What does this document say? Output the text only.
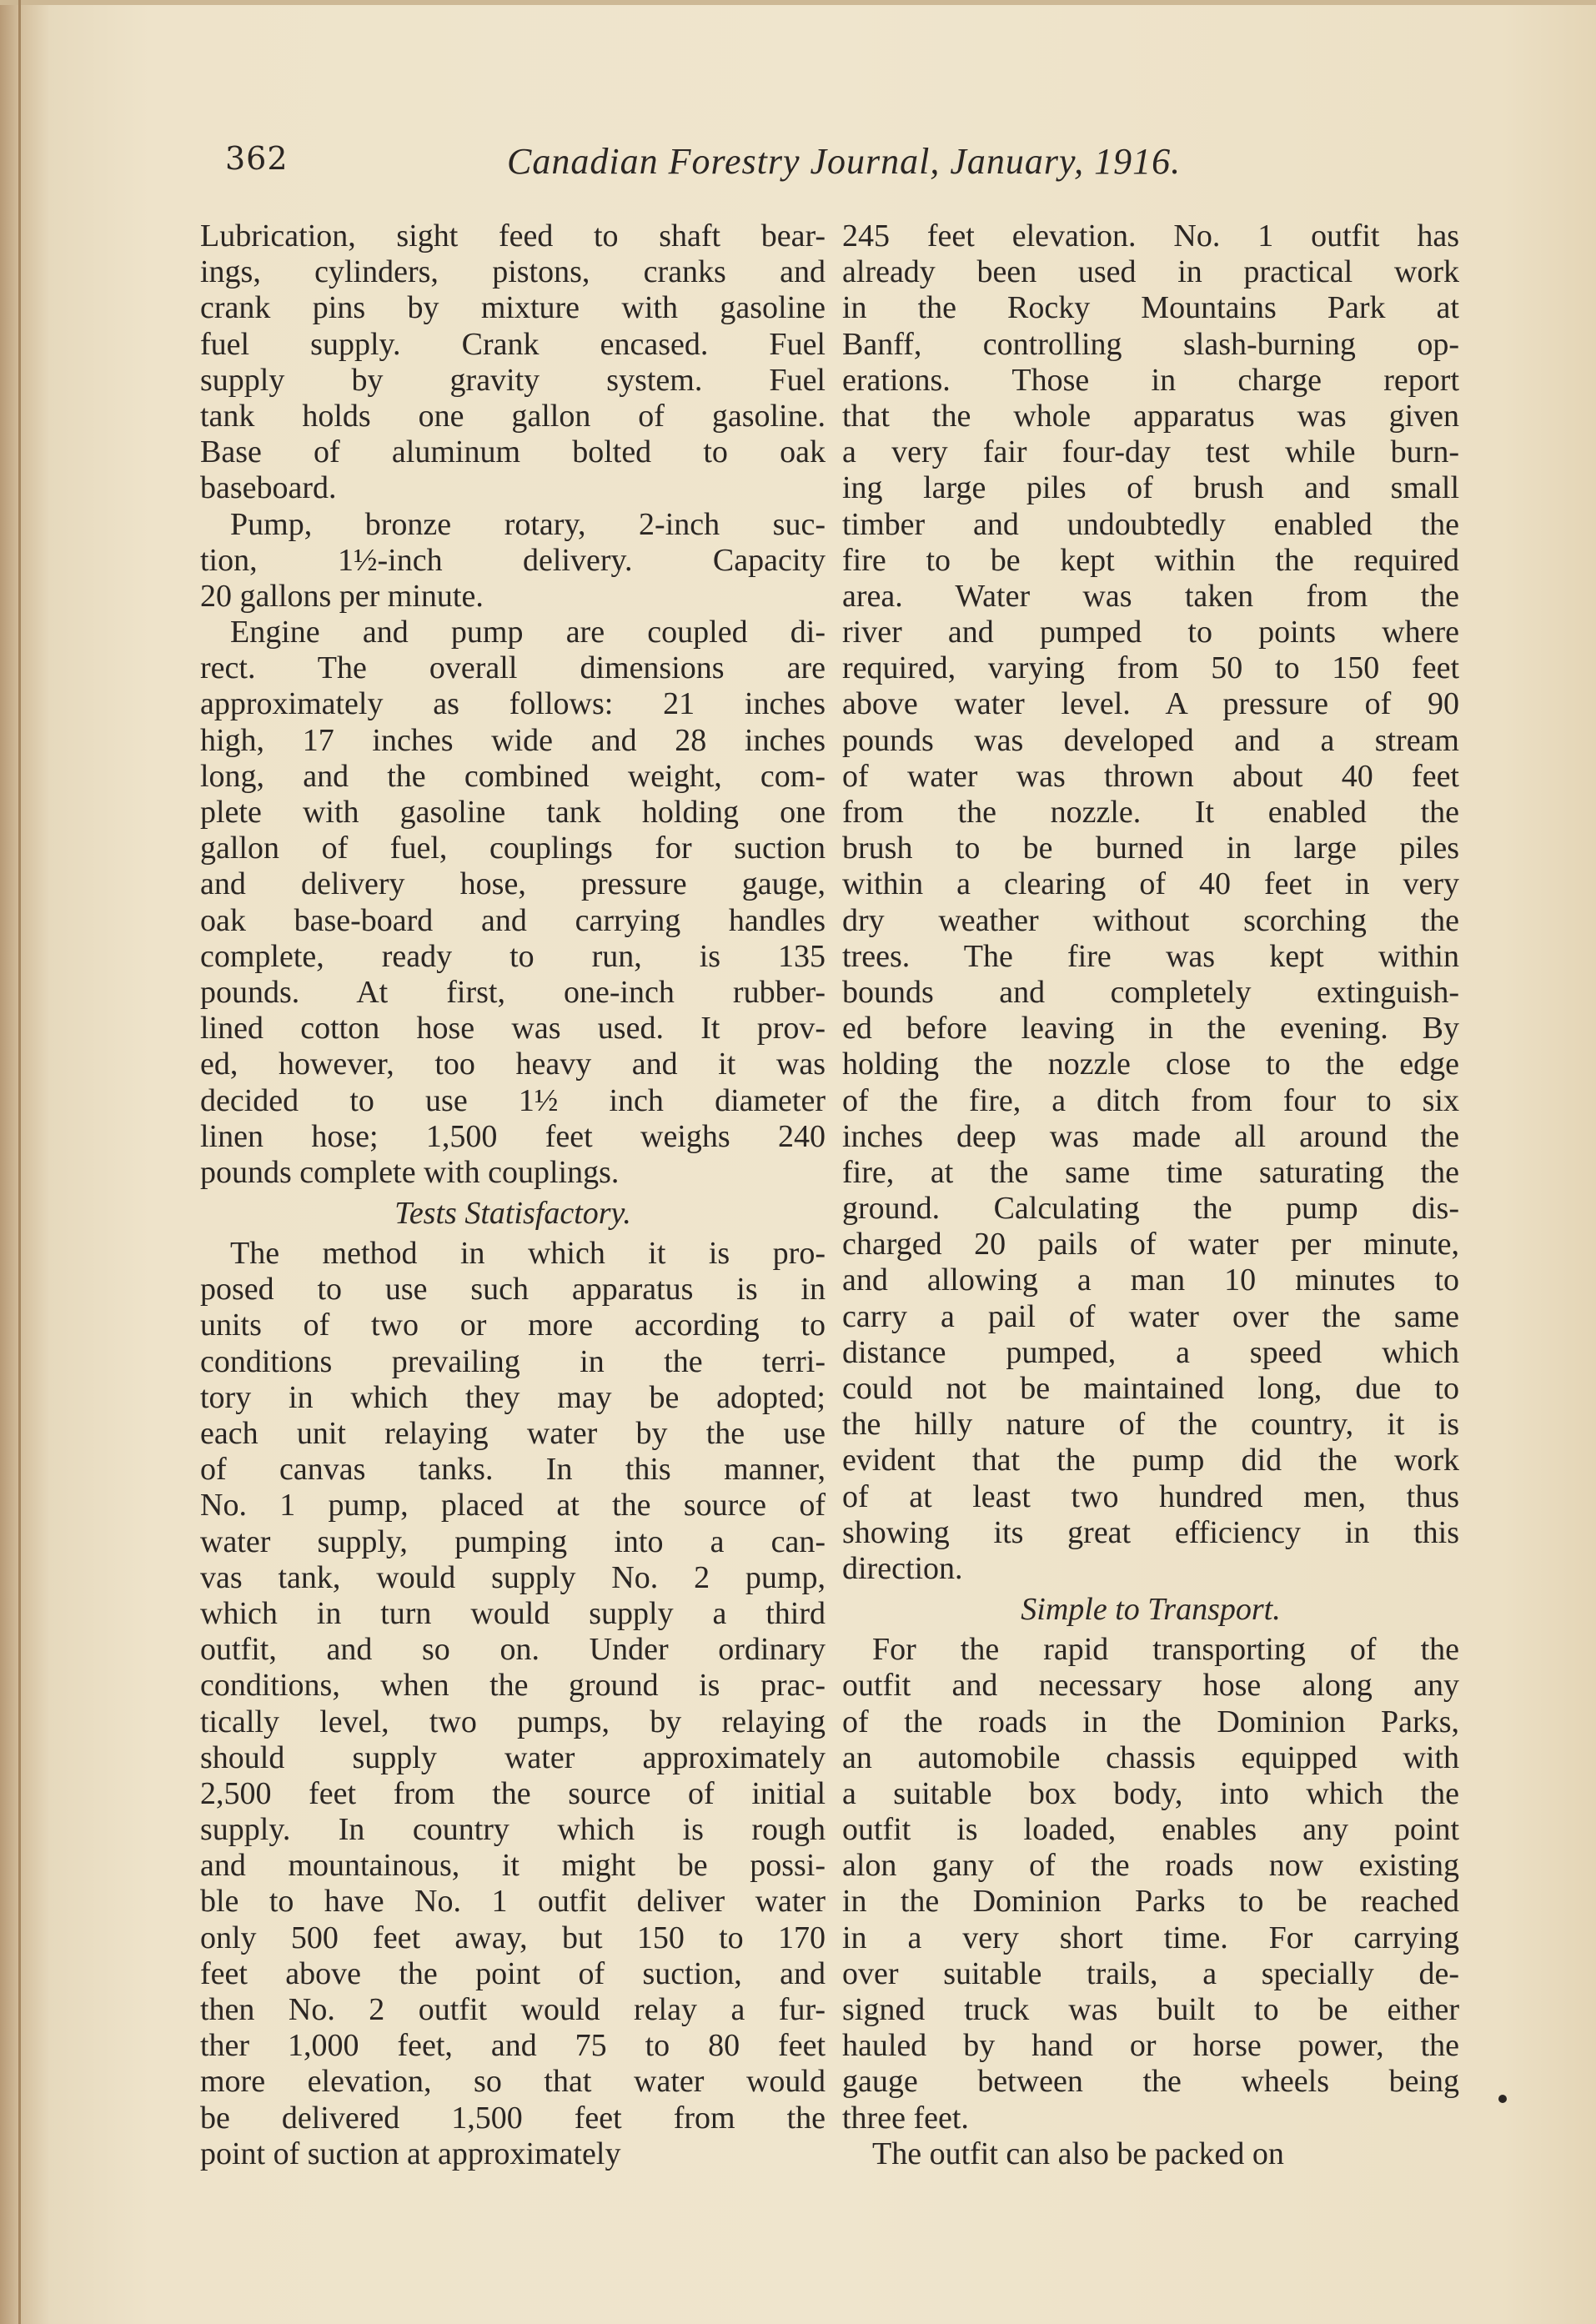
362	Canadian Forestry Journal, January, 1916.
Lubrication, sight feed to shaft bear-
ings, cylinders, pistons, cranks and
crank pins by mixture with gasoline
fuel supply. Crank encased. Fuel
supply by gravity system. Fuel
tank holds one gallon of gasoline.
Base of aluminum bolted to oak
baseboard.
Pump, bronze rotary, 2-inch suc-
tion, 1½-inch delivery. Capacity
20 gallons per minute.
Engine and pump are coupled di-
rect. The overall dimensions are
approximately as follows: 21 inches
high, 17 inches wide and 28 inches
long, and the combined weight, com-
plete with gasoline tank holding one
gallon of fuel, couplings for suction
and delivery hose, pressure gauge,
oak base-board and carrying handles
complete, ready to run, is 135
pounds. At first, one-inch rubber-
lined cotton hose was used. It prov-
ed, however, too heavy and it was
decided to use 1½ inch diameter
linen hose; 1,500 feet weighs 240
pounds complete with couplings.
Tests Statisfactory.
The method in which it is pro-
posed to use such apparatus is in
units of two or more according to
conditions prevailing in the terri-
tory in which they may be adopted;
each unit relaying water by the use
of canvas tanks. In this manner,
No. 1 pump, placed at the source of
water supply, pumping into a can-
vas tank, would supply No. 2 pump,
which in turn would supply a third
outfit, and so on. Under ordinary
conditions, when the ground is prac-
tically level, two pumps, by relaying
should supply water approximately
2,500 feet from the source of initial
supply. In country which is rough
and mountainous, it might be possi-
ble to have No. 1 outfit deliver water
only 500 feet away, but 150 to 170
feet above the point of suction, and
then No. 2 outfit would relay a fur-
ther 1,000 feet, and 75 to 80 feet
more elevation, so that water would
be delivered 1,500 feet from the
point of suction at approximately
245 feet elevation. No. 1 outfit has
already been used in practical work
in the Rocky Mountains Park at
Banff, controlling slash-burning op-
erations. Those in charge report
that the whole apparatus was given
a very fair four-day test while burn-
ing large piles of brush and small
timber and undoubtedly enabled the
fire to be kept within the required
area. Water was taken from the
river and pumped to points where
required, varying from 50 to 150 feet
above water level. A pressure of 90
pounds was developed and a stream
of water was thrown about 40 feet
from the nozzle. It enabled the
brush to be burned in large piles
within a clearing of 40 feet in very
dry weather without scorching the
trees. The fire was kept within
bounds and completely extinguish-
ed before leaving in the evening. By
holding the nozzle close to the edge
of the fire, a ditch from four to six
inches deep was made all around the
fire, at the same time saturating the
ground. Calculating the pump dis-
charged 20 pails of water per minute,
and allowing a man 10 minutes to
carry a pail of water over the same
distance pumped, a speed which
could not be maintained long, due to
the hilly nature of the country, it is
evident that the pump did the work
of at least two hundred men, thus
showing its great efficiency in this
direction.
Simple to Transport.
For the rapid transporting of the
outfit and necessary hose along any
of the roads in the Dominion Parks,
an automobile chassis equipped with
a suitable box body, into which the
outfit is loaded, enables any point
alon gany of the roads now existing
in the Dominion Parks to be reached
in a very short time. For carrying
over suitable trails, a specially de-
signed truck was built to be either
hauled by hand or horse power, the
gauge between the wheels being
three feet.
The outfit can also be packed on
